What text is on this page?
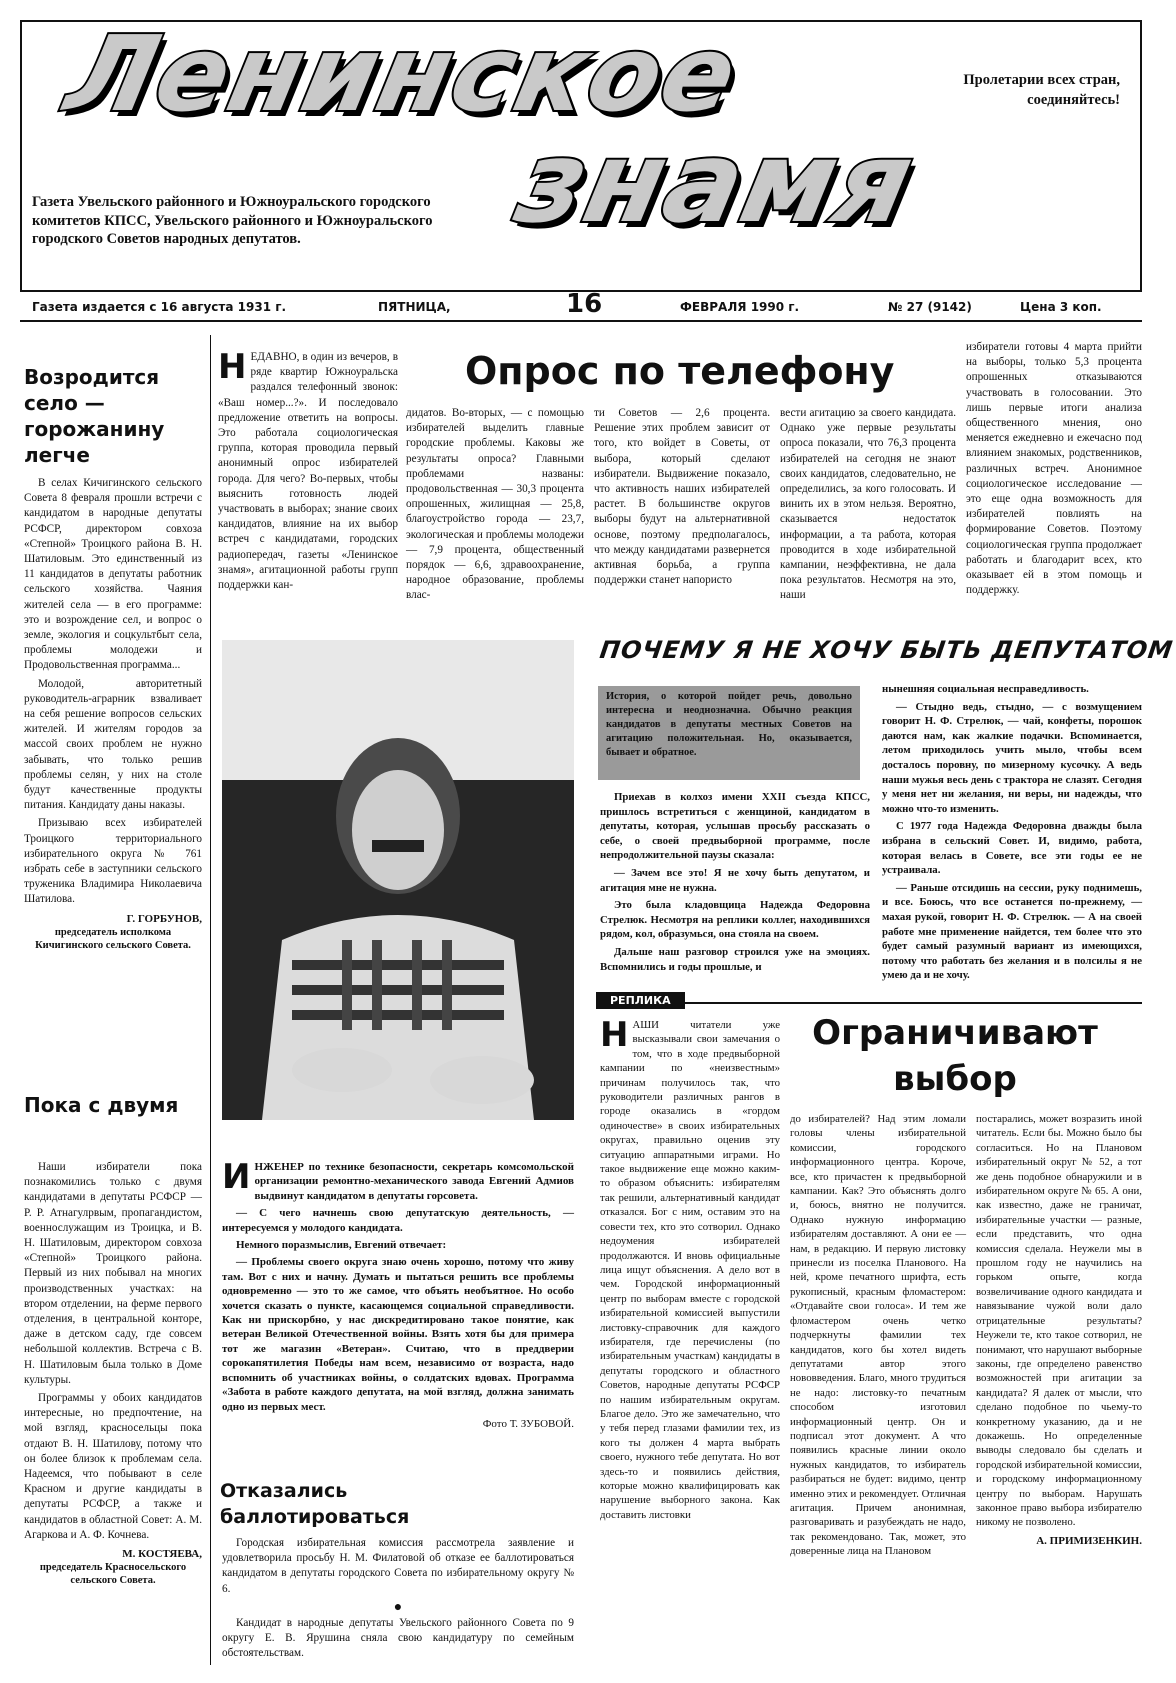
Ленинское
знамя
Пролетарии всех стран,
соединяйтесь!
Газета Увельского районного и Южноуральского городского комитетов КПСС, Увельского районного и Южноуральского городского Советов народных депутатов.
Газета издается с 16 августа 1931 г.	ПЯТНИЦА,	16	ФЕВРАЛЯ 1990 г.	№ 27 (9142)	Цена 3 коп.
Возродится село — горожанину легче

В селах Кичигинского сельского Совета 8 февраля прошли встречи с кандидатом в народные депутаты РСФСР, директором совхоза «Степной» Троицкого района В. Н. Шатиловым. Это единственный из 11 кандидатов в депутаты работник сельского хозяйства. Чаяния жителей села — в его программе: это и возрождение сел, и вопрос о земле, экология и соцкультбыт села, проблемы молодежи и Продовольственная программа...

Молодой, авторитетный руководитель-аграрник взваливает на себя решение вопросов сельских жителей. И жителям городов за массой своих проблем не нужно забывать, что только решив проблемы селян, у них на столе будут качественные продукты питания. Кандидату даны наказы.

Призываю всех избирателей Троицкого территориального избирательного округа № 761 избрать себе в заступники сельского труженика Владимира Николаевича Шатилова.

Г. ГОРБУНОВ,
председатель исполкома Кичигинского сельского Совета.
Пока с двумя

Наши избиратели пока познакомились только с двумя кандидатами в депутаты РСФСР — Р. Р. Атнагулрвым, пропагандистом, военнослужащим из Троицка, и В. Н. Шатиловым, директором совхоза «Степной» Троицкого района. Первый из них побывал на многих производственных участках: на втором отделении, на ферме первого отделения, в центральной конторе, даже в детском саду, где совсем небольшой коллектив. Встреча с В. Н. Шатиловым была только в Доме культуры.

Программы у обоих кандидатов интересные, но предпочтение, на мой взгляд, красносельцы пока отдают В. Н. Шатилову, потому что он более близок к проблемам села. Надеемся, что побывают в селе Красном и другие кандидаты в депутаты РСФСР, а также и кандидатов в областной Совет: А. М. Агаркова и А. Ф. Кочнева.

М. КОСТЯЕВА,
председатель Красносельского сельского Совета.
Опрос по телефону
НЕДАВНО, в один из вечеров, в ряде квартир Южноуральска раздался телефонный звонок: «Ваш номер...?». И последовало предложение ответить на вопросы. Это работала социологическая группа, которая проводила первый анонимный опрос избирателей города. Для чего? Во-первых, чтобы выяснить готовность людей участвовать в выборах; знание своих кандидатов, влияние на их выбор встреч с кандидатами, городских радиопередач, газеты «Ленинское знамя», агитационной работы групп поддержки кан-
дидатов. Во-вторых, — с помощью избирателей выделить главные городские проблемы. Каковы же результаты опроса? Главными проблемами названы: продовольственная — 30,3 процента опрошенных, жилищная — 25,8, благоустройство города — 23,7, экологическая и проблемы молодежи — 7,9 процента, общественный порядок — 6,6, здравоохранение, народное образование, проблемы влас-
ти Советов — 2,6 процента. Решение этих проблем зависит от того, кто войдет в Советы, от выбора, который сделают избиратели. Выдвижение показало, что активность наших избирателей растет. В большинстве округов выборы будут на альтернативной основе, поэтому предполагалось, что между кандидатами развернется активная борьба, а группа поддержки станет напористо
вести агитацию за своего кандидата. Однако уже первые результаты опроса показали, что 76,3 процента избирателей на сегодня не знают своих кандидатов, следовательно, не определились, за кого голосовать. И винить их в этом нельзя. Вероятно, сказывается недостаток информации, а та работа, которая проводится в ходе избирательной кампании, неэффективна, не дала пока результатов. Несмотря на это, наши
избиратели готовы 4 марта прийти на выборы, только 5,3 процента опрошенных отказываются участвовать в голосовании. Это лишь первые итоги анализа общественного мнения, оно меняется ежедневно и ежечасно под влиянием знакомых, родственников, различных встреч. Анонимное социологическое исследование — это еще одна возможность для избирателей повлиять на формирование Советов. Поэтому социологическая группа продолжает работать и благодарит всех, кто оказывает ей в этом помощь и поддержку.

ИНЖЕНЕР по технике безопасности, секретарь комсомольской организации ремонтно-механического завода Евгений Адмиов выдвинут кандидатом в депутаты горсовета.

— С чего начнешь свою депутатскую деятельность, — интересуемся у молодого кандидата.

Немного поразмыслив, Евгений отвечает:

— Проблемы своего округа знаю очень хорошо, потому что живу там. Вот с них и начну. Думать и пытаться решить все проблемы одновременно — это то же самое, что объять необъятное. Но особо хочется сказать о пункте, касающемся социальной справедливости. Как ни прискорбно, у нас дискредитировано такое понятие, как ветеран Великой Отечественной войны. Взять хотя бы для примера тот же магазин «Ветеран». Считаю, что в преддверии сорокапятилетия Победы нам всем, независимо от возраста, надо вспомнить об участниках войны, о солдатских вдовах. Программа «Забота в работе каждого депутата, на мой взгляд, должна занимать одно из первых мест.

Фото Т. ЗУБОВОЙ.
Отказались баллотироваться

Городская избирательная комиссия рассмотрела заявление и удовлетворила просьбу Н. М. Филатовой об отказе ее баллотироваться кандидатом в депутаты городского Совета по избирательному округу № 6.

●

Кандидат в народные депутаты Увельского районного Совета по 9 округу Е. В. Ярушина сняла свою кандидатуру по семейным обстоятельствам.

ПОЧЕМУ Я НЕ ХОЧУ БЫТЬ ДЕПУТАТОМ
История, о которой пойдет речь, довольно интересна и неоднозначна. Обычно реакция кандидатов в депутаты местных Советов на агитацию положительная. Но, оказывается, бывает и обратное.

Приехав в колхоз имени XXII съезда КПСС, пришлось встретиться с женщиной, кандидатом в депутаты, которая, услышав просьбу рассказать о себе, о своей предвыборной программе, после непродолжительной паузы сказала:

— Зачем все это! Я не хочу быть депутатом, и агитация мне не нужна.

Это была кладовщица Надежда Федоровна Стрелюк. Несмотря на реплики коллег, находившихся рядом, кол, образумься, она стояла на своем.

Дальше наш разговор строился уже на эмоциях. Вспомнились и годы прошлые, и

нынешняя социальная несправедливость.

— Стыдно ведь, стыдно, — с возмущением говорит Н. Ф. Стрелюк, — чай, конфеты, порошок даются нам, как жалкие подачки. Вспоминается, летом приходилось учить мыло, чтобы всем досталось поровну, по мизерному кусочку. А ведь наши мужья весь день с трактора не слазят. Сегодня у меня нет ни желания, ни веры, ни надежды, что можно что-то изменить.

С 1977 года Надежда Федоровна дважды была избрана в сельский Совет. И, видимо, работа, которая велась в Совете, все эти годы ее не устраивала.

— Раньше отсидишь на сессии, руку поднимешь, и все. Боюсь, что все останется по-прежнему, — махая рукой, говорит Н. Ф. Стрелюк. — А на своей работе мне применение найдется, тем более что это будет самый разумный вариант из имеющихся, потому что работать без желания и в полсилы я не умею да и не хочу.

РЕПЛИКА
Ограничивают выбор
НАШИ читатели уже высказывали свои замечания о том, что в ходе предвыборной кампании по «неизвестным» причинам получилось так, что руководители различных рангов в городе оказались в «гордом одиночестве» в своих избирательных округах, правильно оценив эту ситуацию аппаратными играми. Но такое выдвижение еще можно каким-то образом объяснить: избирателям так решили, альтернативный кандидат отказался. Бог с ним, оставим это на совести тех, кто это сотворил. Однако недоумения избирателей продолжаются. И вновь официальные лица ищут объяснения. А дело вот в чем. Городской информационный центр по выборам вместе с городской избирательной комиссией выпустили листовку-справочник для каждого избирателя, где перечислены (по избирательным участкам) кандидаты в депутаты городского и областного Советов, народные депутаты РСФСР по нашим избирательным округам. Благое дело. Это же замечательно, что у тебя перед глазами фамилии тех, из кого ты должен 4 марта выбрать своего, нужного тебе депутата. Но вот здесь-то и появились действия, которые можно квалифицировать как нарушение выборного закона. Как доставить листовки
до избирателей? Над этим ломали головы члены избирательной комиссии, городского информационного центра. Короче, все, кто причастен к предвыборной кампании. Как? Это объяснять долго и, боюсь, внятно не получится. Однако нужную информацию избирателям доставляют. А они ее — нам, в редакцию. И первую листовку принесли из поселка Планового. На ней, кроме печатного шрифта, есть рукописный, красным фломастером: «Отдавайте свои голоса». И тем же фломастером очень четко подчеркнуты фамилии тех кандидатов, кого бы хотел видеть депутатами автор этого нововведения. Благо, много трудиться не надо: листовку-то печатным способом изготовил информационный центр. Он и подписал этот документ. А что появились красные линии около нужных кандидатов, то избиратель разбираться не будет: видимо, центр именно этих и рекомендует. Отличная агитация. Причем анонимная, разговаривать и разубеждать не надо, так рекомендовано. Так, может, это доверенные лица на Плановом
постарались, может возразить иной читатель. Если бы. Можно было бы согласиться. Но на Плановом избирательный округ № 52, а тот же день подобное обнаружили и в избирательном округе № 65. А они, как известно, даже не граничат, избирательные участки — разные, если представить, что одна комиссия сделала. Неужели мы в прошлом году не научились на горьком опыте, когда возвеличивание одного кандидата и навязывание чужой воли дало отрицательные результаты? Неужели те, кто такое сотворил, не понимают, что нарушают выборные законы, где определено равенство возможностей при агитации за кандидата? Я далек от мысли, что сделано подобное по чьему-то конкретному указанию, да и не докажешь. Но определенные выводы следовало бы сделать и городской избирательной комиссии, и городскому информационному центру по выборам. Нарушать законное право выбора избирателю никому не позволено.
А. ПРИМИЗЕНКИН.
